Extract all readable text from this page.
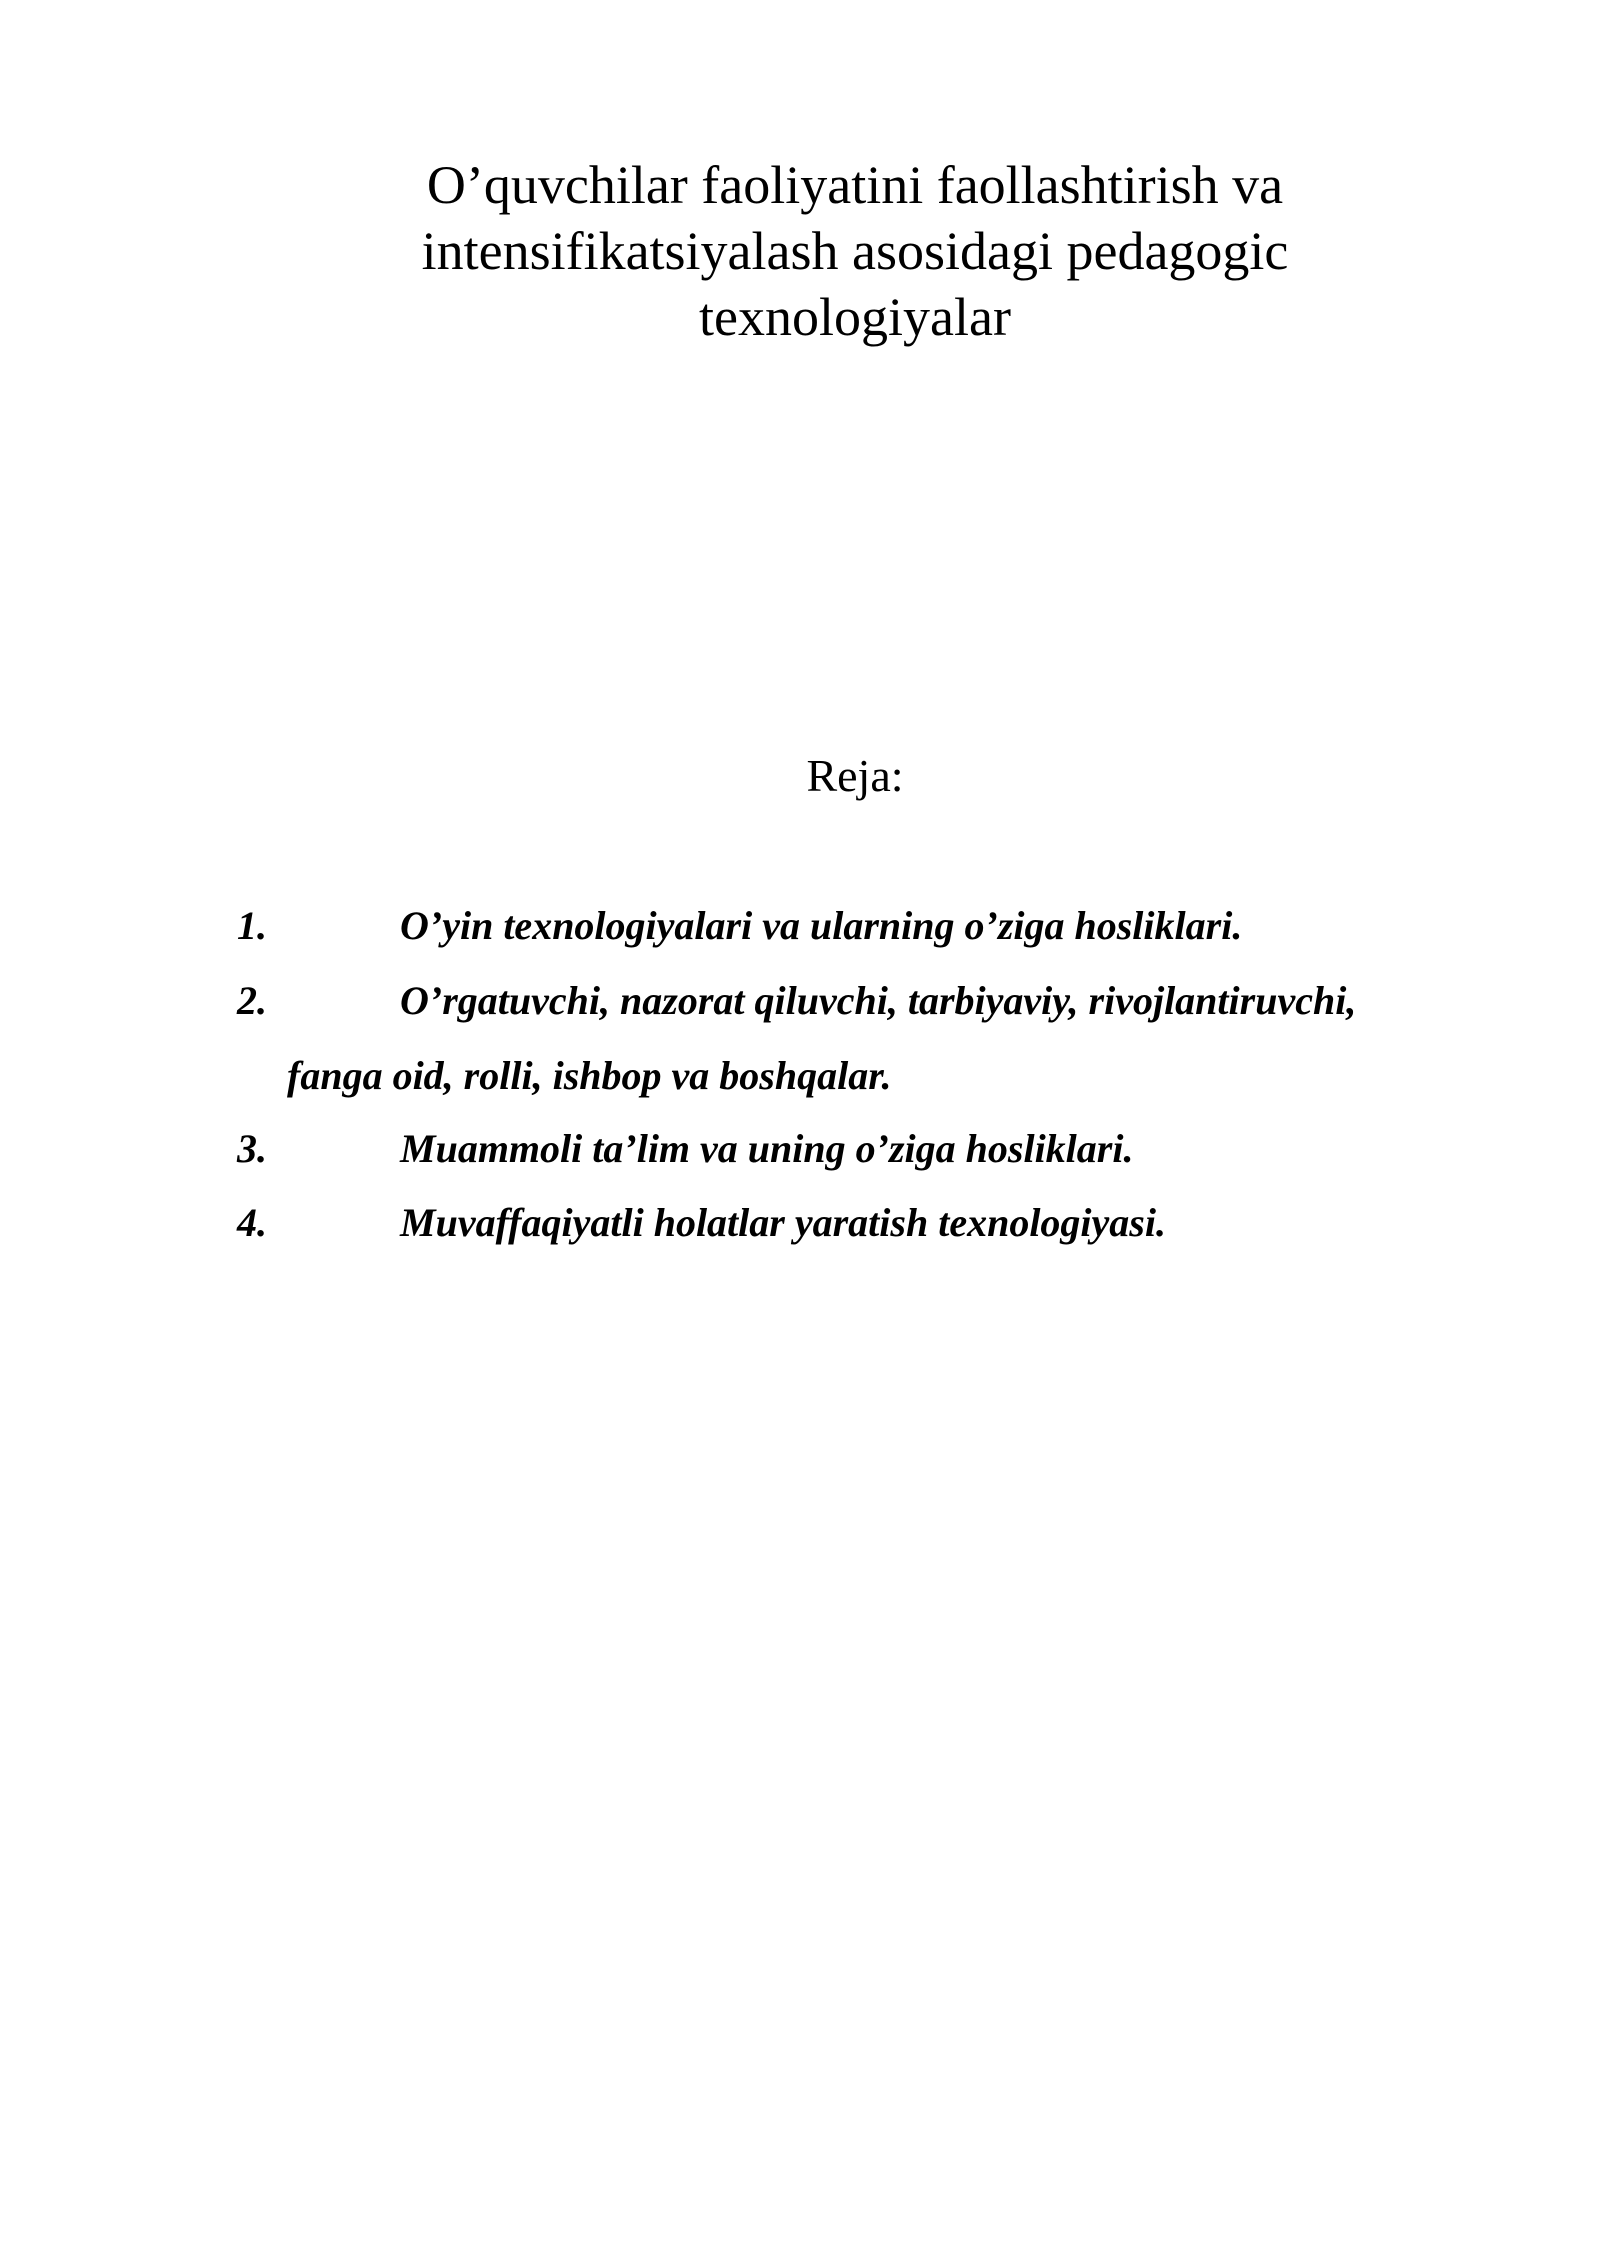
O’quvchilar faoliyatini faollashtirish va
intensifikatsiyalash asosidagi pedagogic
texnologiyalar

Reja:

1.	O’yin texnologiyalari va ularning o’ziga hosliklari.
2.	O’rgatuvchi, nazorat qiluvchi, tarbiyaviy, rivojlantiruvchi,
fanga oid, rolli, ishbop va boshqalar.
3.	Muammoli ta’lim va uning o’ziga hosliklari.
4.	Muvaffaqiyatli holatlar yaratish texnologiyasi.
